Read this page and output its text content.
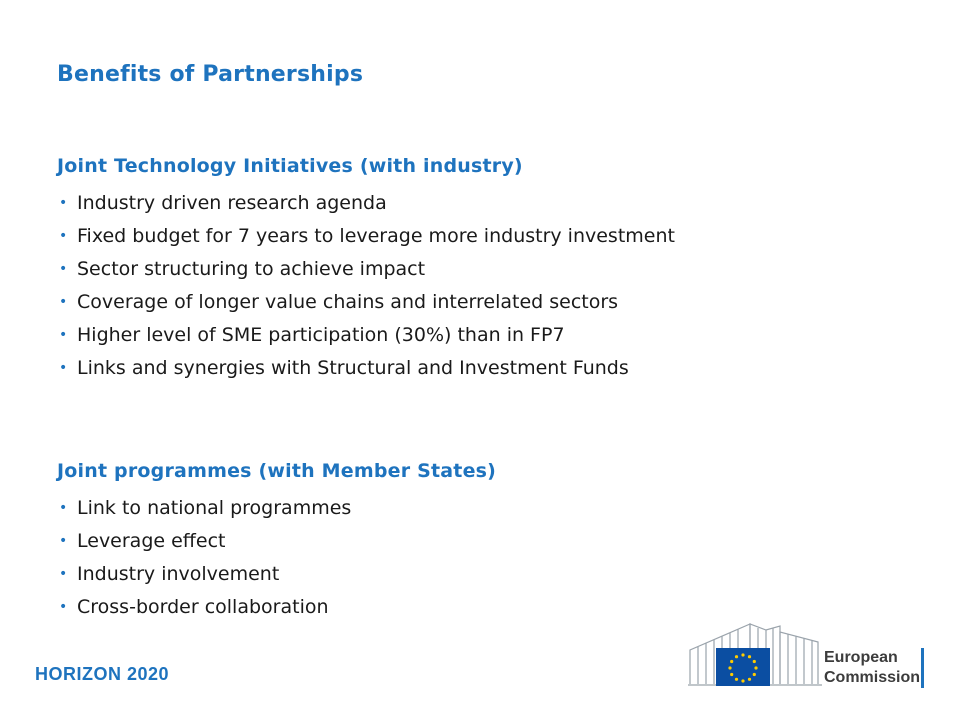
Benefits of Partnerships
Joint Technology Initiatives (with industry)
• Industry driven research agenda
• Fixed budget for 7 years to leverage more industry investment
• Sector structuring to achieve impact
• Coverage of longer value chains and interrelated sectors
• Higher level of SME participation (30%) than in FP7
• Links and synergies with Structural and Investment Funds
Joint programmes (with Member States)
• Link to national programmes
• Leverage effect
• Industry involvement
• Cross-border collaboration
HORIZON 2020
European
Commission
